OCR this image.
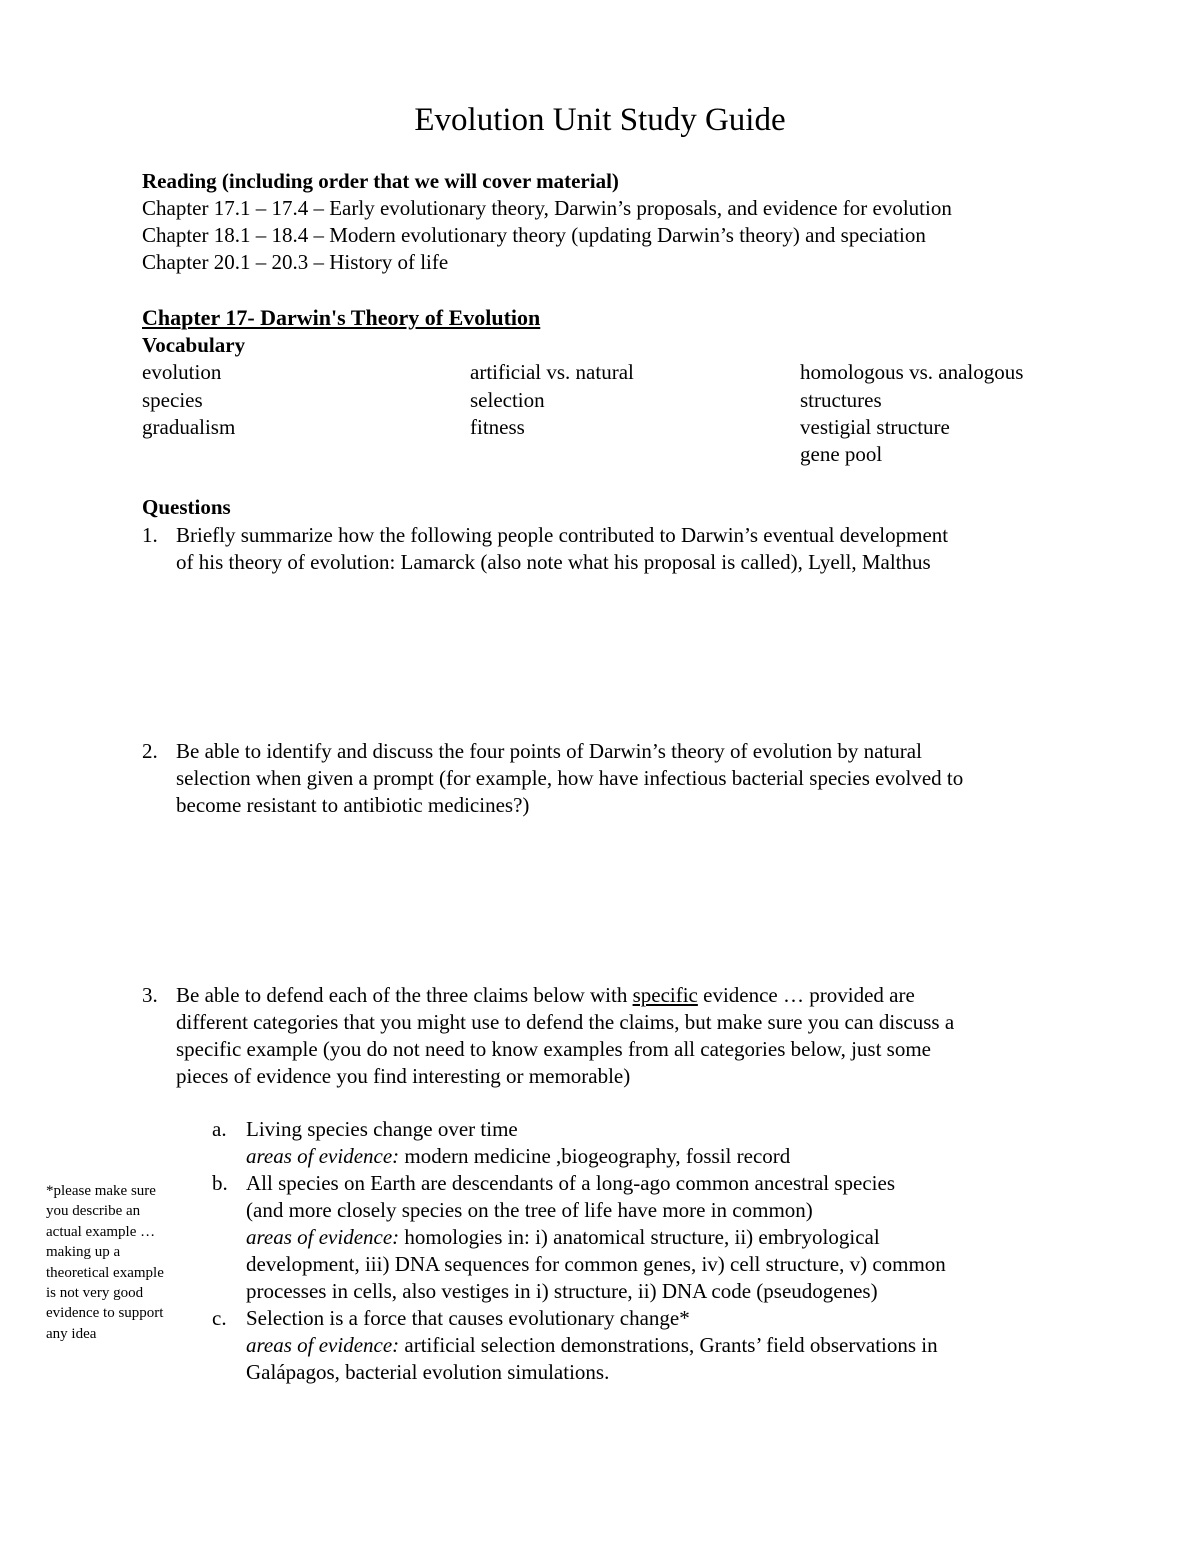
Evolution Unit Study Guide
Reading (including order that we will cover material)
Chapter 17.1 – 17.4 – Early evolutionary theory, Darwin’s proposals, and evidence for evolution
Chapter 18.1 – 18.4 – Modern evolutionary theory (updating Darwin’s theory) and speciation
Chapter 20.1 – 20.3 – History of life
Chapter 17- Darwin's Theory of Evolution
Vocabulary
evolution
species
gradualism
artificial vs. natural
selection
fitness
homologous vs. analogous
structures
vestigial structure
gene pool
Questions
1. Briefly summarize how the following people contributed to Darwin’s eventual development
of his theory of evolution: Lamarck (also note what his proposal is called), Lyell, Malthus
2. Be able to identify and discuss the four points of Darwin’s theory of evolution by natural
selection when given a prompt (for example, how have infectious bacterial species evolved to
become resistant to antibiotic medicines?)
3. Be able to defend each of the three claims below with specific evidence … provided are
different categories that you might use to defend the claims, but make sure you can discuss a
specific example (you do not need to know examples from all categories below, just some
pieces of evidence you find interesting or memorable)
a. Living species change over time
areas of evidence: modern medicine ,biogeography, fossil record
b. All species on Earth are descendants of a long-ago common ancestral species
(and more closely species on the tree of life have more in common)
areas of evidence: homologies in: i) anatomical structure, ii) embryological
development, iii) DNA sequences for common genes, iv) cell structure, v) common
processes in cells, also vestiges in i) structure, ii) DNA code (pseudogenes)
c. Selection is a force that causes evolutionary change*
areas of evidence: artificial selection demonstrations, Grants’ field observations in
Galápagos, bacterial evolution simulations.
*please make sure
you describe an
actual example …
making up a
theoretical example
is not very good
evidence to support
any idea
